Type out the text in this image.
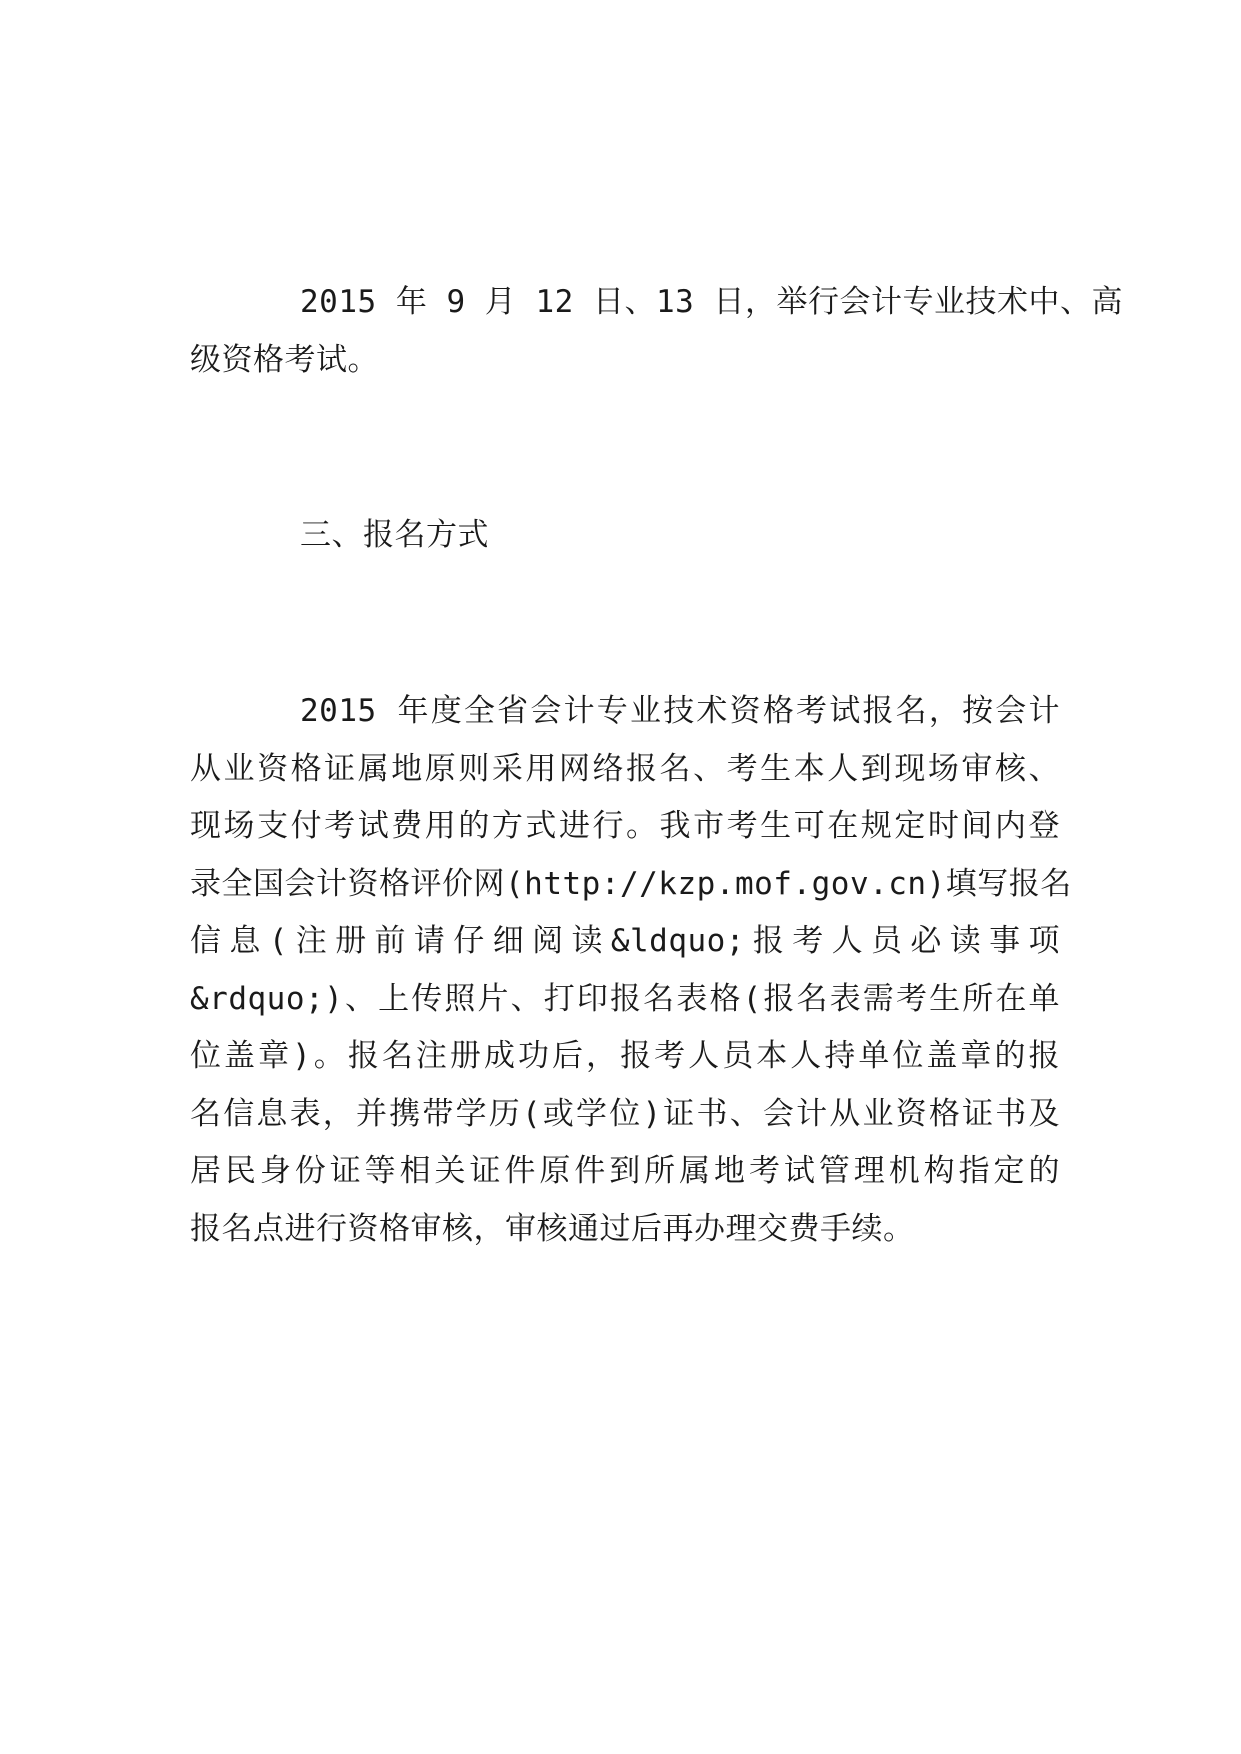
2015 年 9 月 12 日、13 日，举行会计专业技术中、高
级资格考试。

三、报名方式

2015 年度全省会计专业技术资格考试报名，按会计
从业资格证属地原则采用网络报名、考生本人到现场审核、
现场支付考试费用的方式进行。我市考生可在规定时间内登
录全国会计资格评价网(http://kzp.mof.gov.cn)填写报名
信息(注册前请仔细阅读&ldquo;报考人员必读事项
&rdquo;)、上传照片、打印报名表格(报名表需考生所在单
位盖章)。报名注册成功后，报考人员本人持单位盖章的报
名信息表，并携带学历(或学位)证书、会计从业资格证书及
居民身份证等相关证件原件到所属地考试管理机构指定的
报名点进行资格审核，审核通过后再办理交费手续。
